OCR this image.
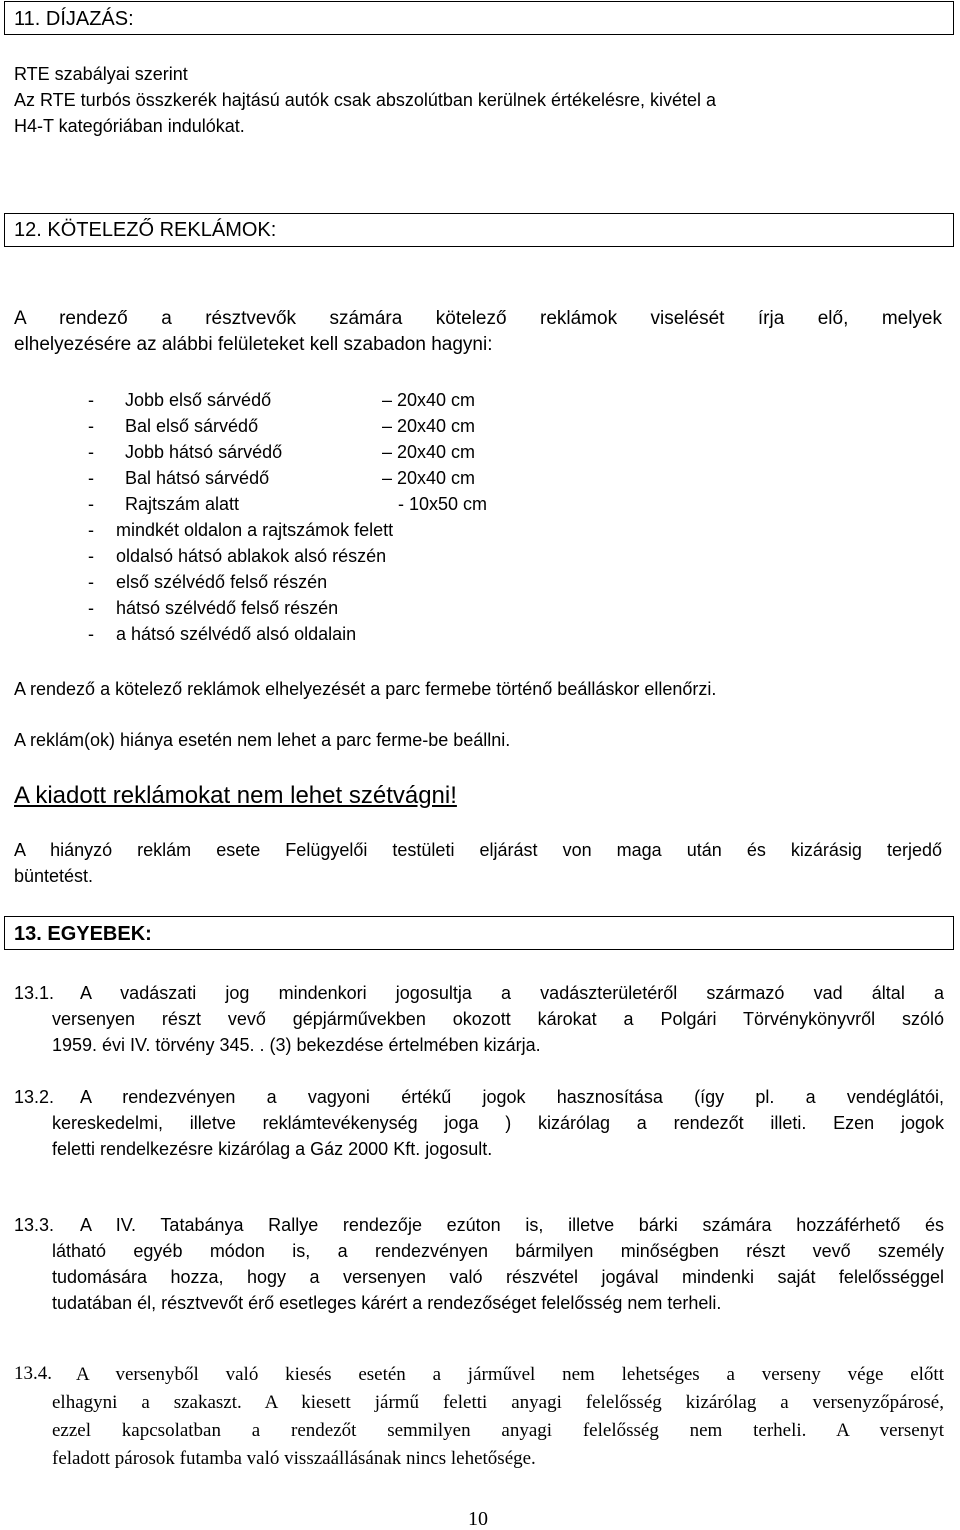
11. DÍJAZÁS:
RTE szabályai szerint
Az RTE turbós összkerék hajtású autók csak abszolútban kerülnek értékelésre, kivétel a
H4-T kategóriában indulókat.
12. KÖTELEZŐ REKLÁMOK:
A rendező a résztvevők számára kötelező reklámok viselését írja elő, melyek
elhelyezésére az alábbi felületeket kell szabadon hagyni:
- Jobb első sárvédő	– 20x40 cm
- Bal első sárvédő	– 20x40 cm
- Jobb hátsó sárvédő	– 20x40 cm
- Bal hátsó sárvédő	– 20x40 cm
- Rajtszám alatt	- 10x50 cm
- mindkét oldalon a rajtszámok felett
- oldalsó hátsó ablakok alsó részén
- első szélvédő felső részén
- hátsó szélvédő felső részén
- a hátsó szélvédő alsó oldalain
A rendező a kötelező reklámok elhelyezését a parc fermebe történő beálláskor ellenőrzi.
A reklám(ok) hiánya esetén nem lehet a parc ferme-be beállni.
A kiadott reklámokat nem lehet szétvágni!
A hiányzó reklám esete Felügyelői testületi eljárást von maga után és kizárásig terjedő
büntetést.
13. EGYEBEK:
13.1. A vadászati jog mindenkori jogosultja a vadászterületéről származó vad által a
versenyen részt vevő gépjárművekben okozott károkat a Polgári Törvénykönyvről szóló
1959. évi IV. törvény 345. . (3) bekezdése értelmében kizárja.
13.2. A rendezvényen a vagyoni értékű jogok hasznosítása (így pl. a vendéglátói,
kereskedelmi, illetve reklámtevékenység joga ) kizárólag a rendezőt illeti. Ezen jogok
feletti rendelkezésre kizárólag a Gáz 2000 Kft. jogosult.
13.3. A IV. Tatabánya Rallye rendezője ezúton is, illetve bárki számára hozzáférhető és
látható egyéb módon is, a rendezvényen bármilyen minőségben részt vevő személy
tudomására hozza, hogy a versenyen való részvétel jogával mindenki saját felelősséggel
tudatában él, résztvevőt érő esetleges kárért a rendezőséget felelősség nem terheli.
13.4. A versenyből való kiesés esetén a járművel nem lehetséges a verseny vége előtt
elhagyni a szakaszt. A kiesett jármű feletti anyagi felelősség kizárólag a versenyzőpárosé,
ezzel kapcsolatban a rendezőt semmilyen anyagi felelősség nem terheli. A versenyt
feladott párosok futamba való visszaállásának nincs lehetősége.
10
